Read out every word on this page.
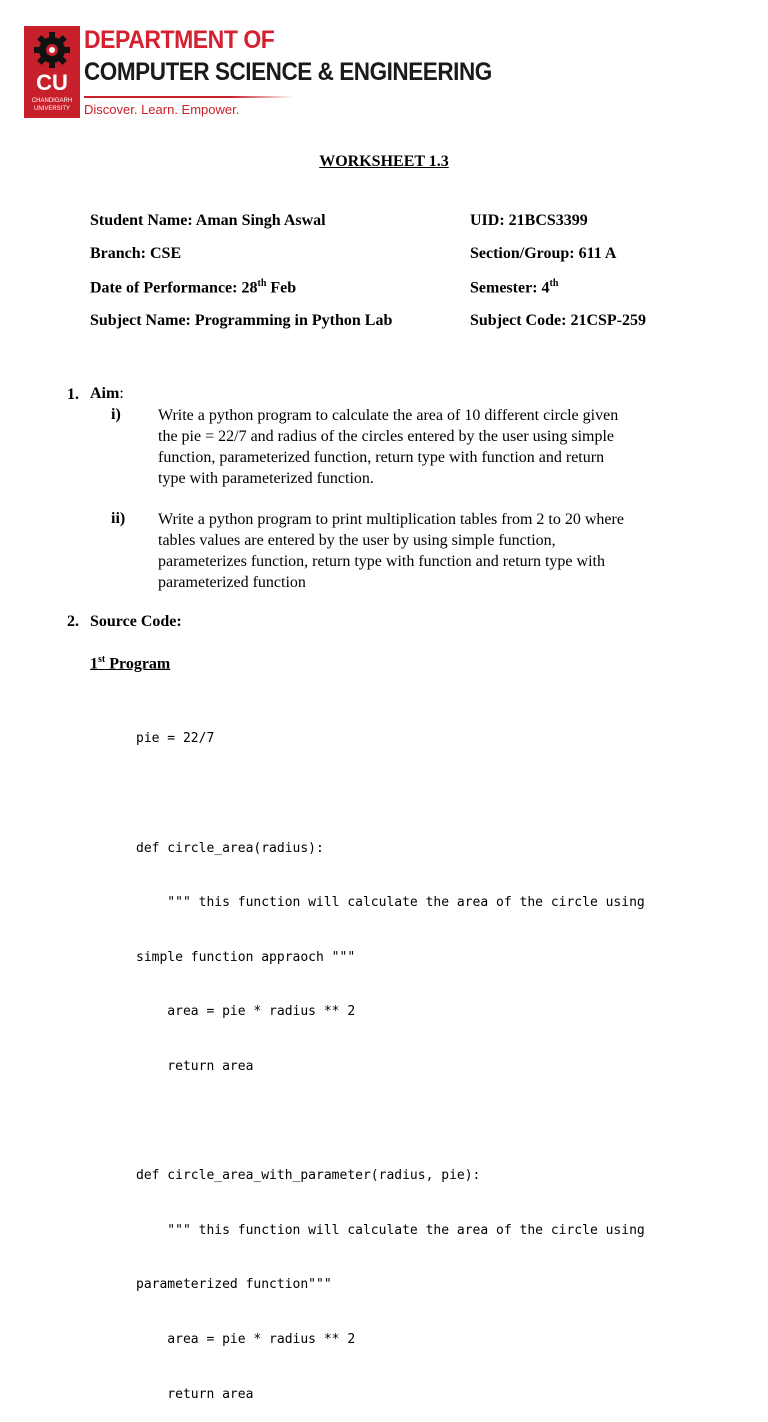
CU
CHANDIGARH
UNIVERSITY
DEPARTMENT OF
COMPUTER SCIENCE & ENGINEERING
Discover. Learn. Empower.
WORKSHEET 1.3
Student Name: Aman Singh Aswal	UID: 21BCS3399
Branch: CSE	Section/Group: 611 A
Date of Performance: 28th Feb	Semester: 4th
Subject Name: Programming in Python Lab	Subject Code: 21CSP-259
1. Aim:
i) Write a python program to calculate the area of 10 different circle given
the pie = 22/7 and radius of the circles entered by the user using simple
function, parameterized function, return type with function and return
type with parameterized function.
ii) Write a python program to print multiplication tables from 2 to 20 where
tables values are entered by the user by using simple function,
parameterizes function, return type with function and return type with
parameterized function
2. Source Code:
1st Program

pie = 22/7

def circle_area(radius):

""" this function will calculate the area of the circle using

simple function appraoch """

area = pie * radius ** 2

return area

def circle_area_with_parameter(radius, pie):

""" this function will calculate the area of the circle using

parameterized function"""

area = pie * radius ** 2

return area
